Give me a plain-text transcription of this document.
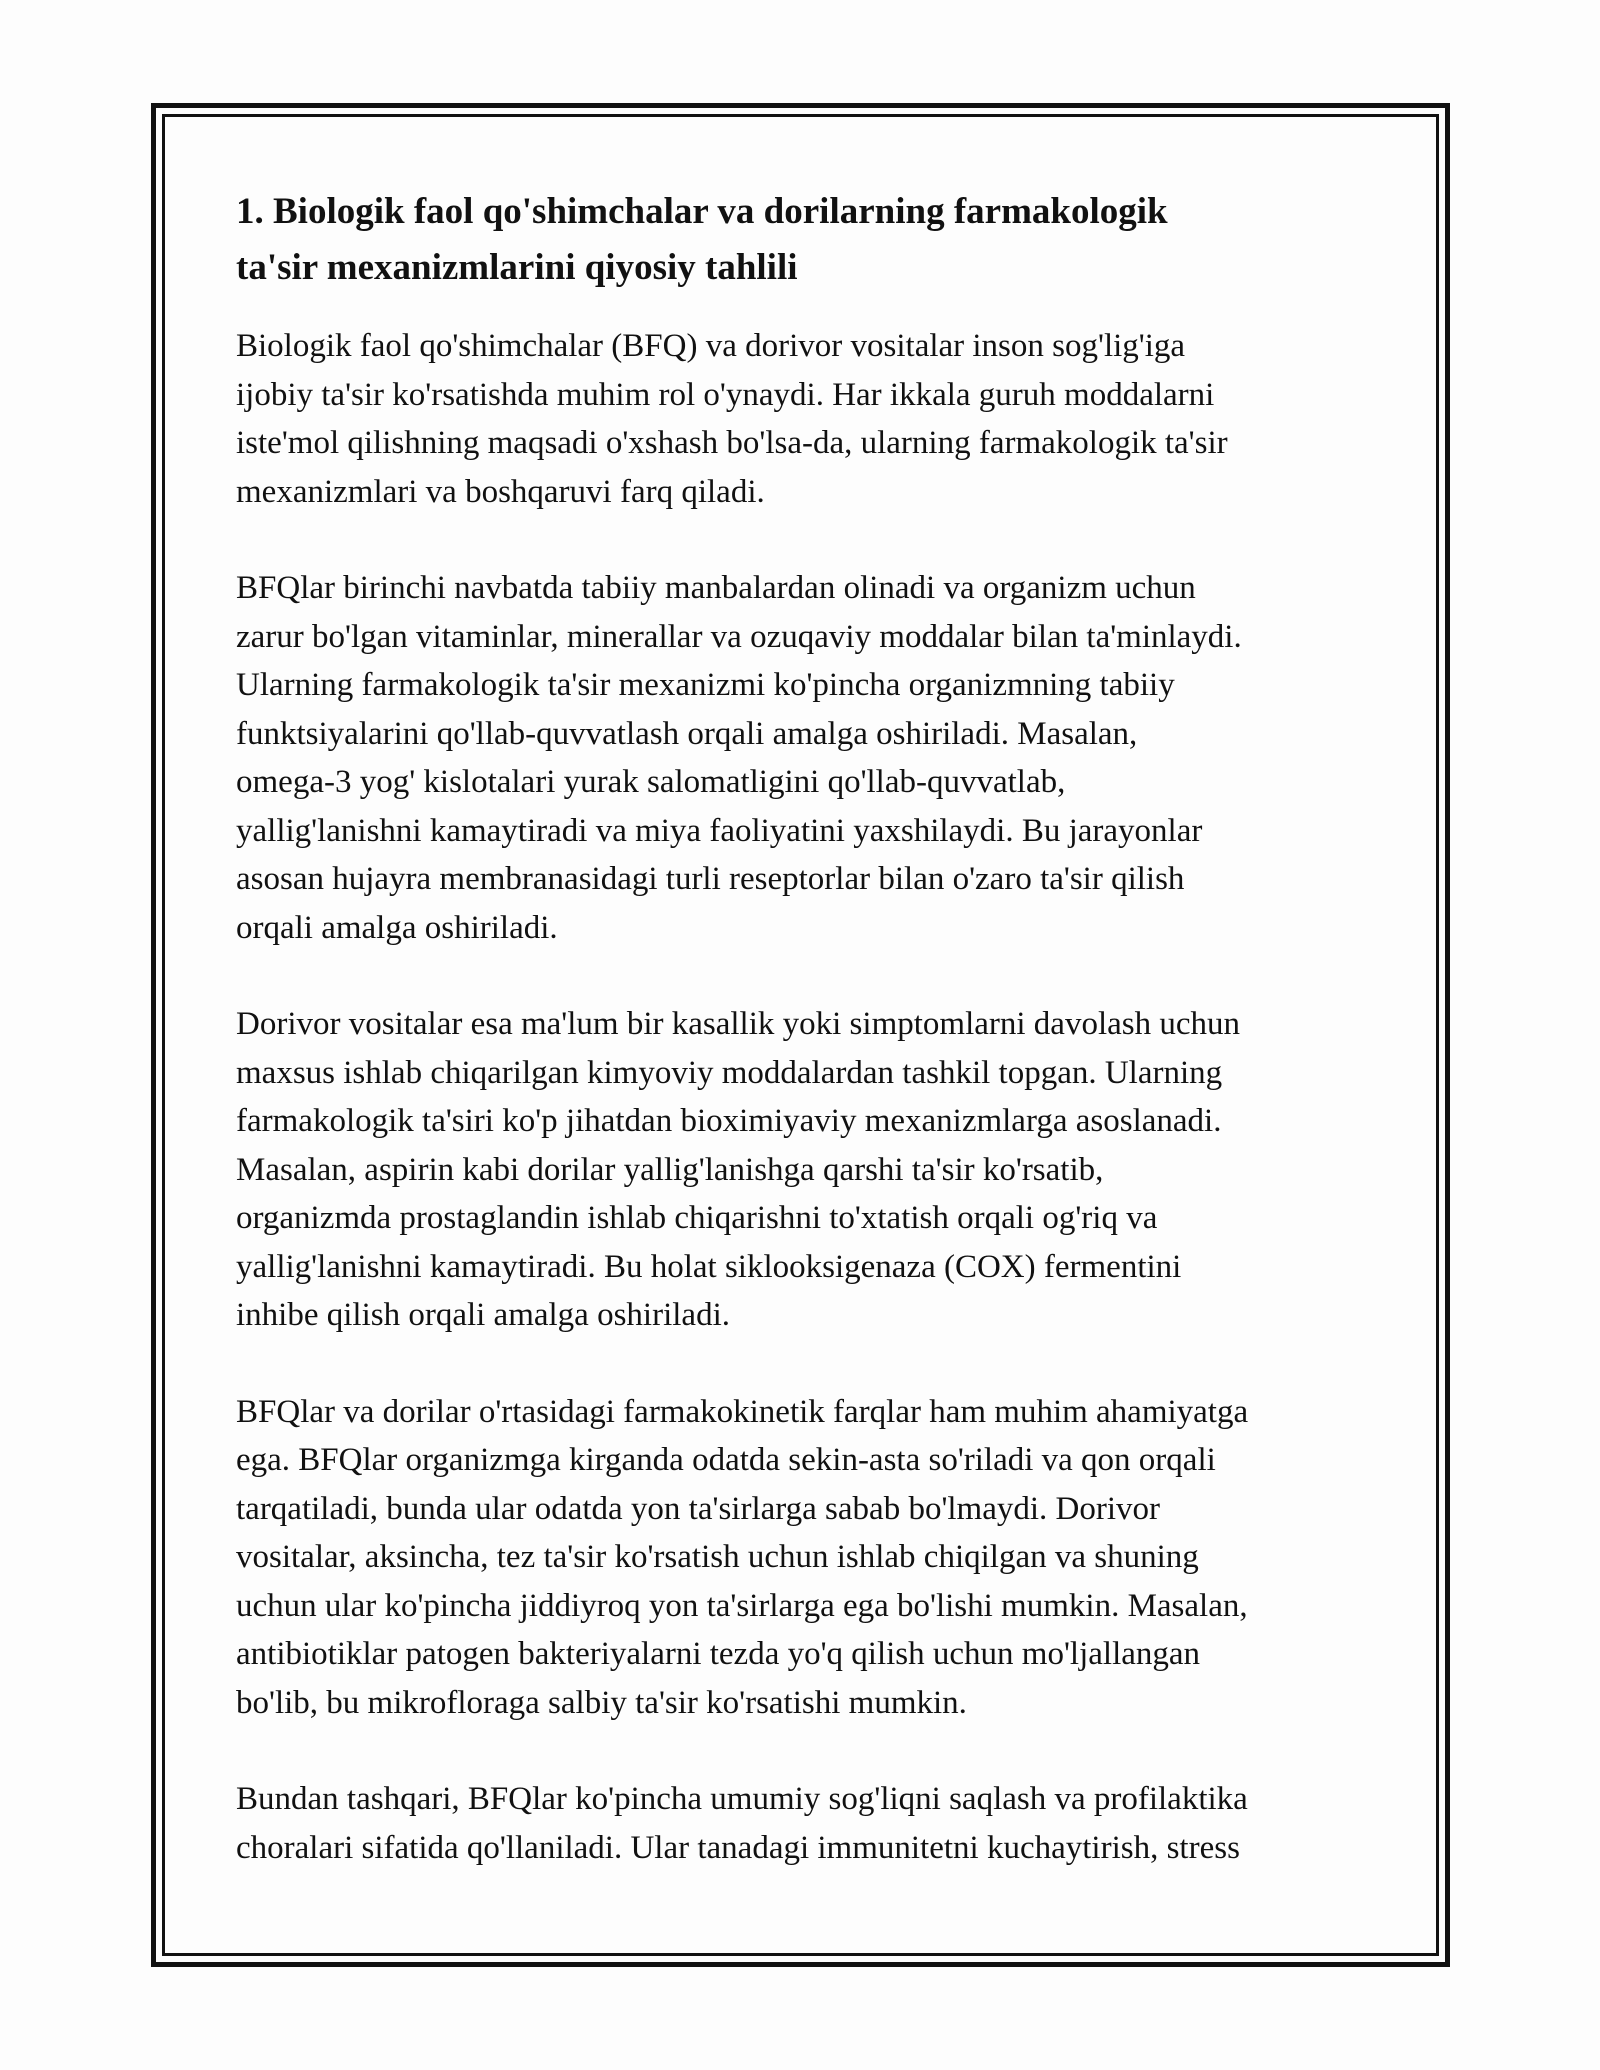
1. Biologik faol qo'shimchalar va dorilarning farmakologik
ta'sir mexanizmlarini qiyosiy tahlili

Biologik faol qo'shimchalar (BFQ) va dorivor vositalar inson sog'lig'iga
ijobiy ta'sir ko'rsatishda muhim rol o'ynaydi. Har ikkala guruh moddalarni
iste'mol qilishning maqsadi o'xshash bo'lsa-da, ularning farmakologik ta'sir
mexanizmlari va boshqaruvi farq qiladi.

BFQlar birinchi navbatda tabiiy manbalardan olinadi va organizm uchun
zarur bo'lgan vitaminlar, minerallar va ozuqaviy moddalar bilan ta'minlaydi.
Ularning farmakologik ta'sir mexanizmi ko'pincha organizmning tabiiy
funktsiyalarini qo'llab-quvvatlash orqali amalga oshiriladi. Masalan,
omega-3 yog' kislotalari yurak salomatligini qo'llab-quvvatlab,
yallig'lanishni kamaytiradi va miya faoliyatini yaxshilaydi. Bu jarayonlar
asosan hujayra membranasidagi turli reseptorlar bilan o'zaro ta'sir qilish
orqali amalga oshiriladi.

Dorivor vositalar esa ma'lum bir kasallik yoki simptomlarni davolash uchun
maxsus ishlab chiqarilgan kimyoviy moddalardan tashkil topgan. Ularning
farmakologik ta'siri ko'p jihatdan bioximiyaviy mexanizmlarga asoslanadi.
Masalan, aspirin kabi dorilar yallig'lanishga qarshi ta'sir ko'rsatib,
organizmda prostaglandin ishlab chiqarishni to'xtatish orqali og'riq va
yallig'lanishni kamaytiradi. Bu holat siklooksigenaza (COX) fermentini
inhibe qilish orqali amalga oshiriladi.

BFQlar va dorilar o'rtasidagi farmakokinetik farqlar ham muhim ahamiyatga
ega. BFQlar organizmga kirganda odatda sekin-asta so'riladi va qon orqali
tarqatiladi, bunda ular odatda yon ta'sirlarga sabab bo'lmaydi. Dorivor
vositalar, aksincha, tez ta'sir ko'rsatish uchun ishlab chiqilgan va shuning
uchun ular ko'pincha jiddiyroq yon ta'sirlarga ega bo'lishi mumkin. Masalan,
antibiotiklar patogen bakteriyalarni tezda yo'q qilish uchun mo'ljallangan
bo'lib, bu mikrofloraga salbiy ta'sir ko'rsatishi mumkin.

Bundan tashqari, BFQlar ko'pincha umumiy sog'liqni saqlash va profilaktika
choralari sifatida qo'llaniladi. Ular tanadagi immunitetni kuchaytirish, stress
